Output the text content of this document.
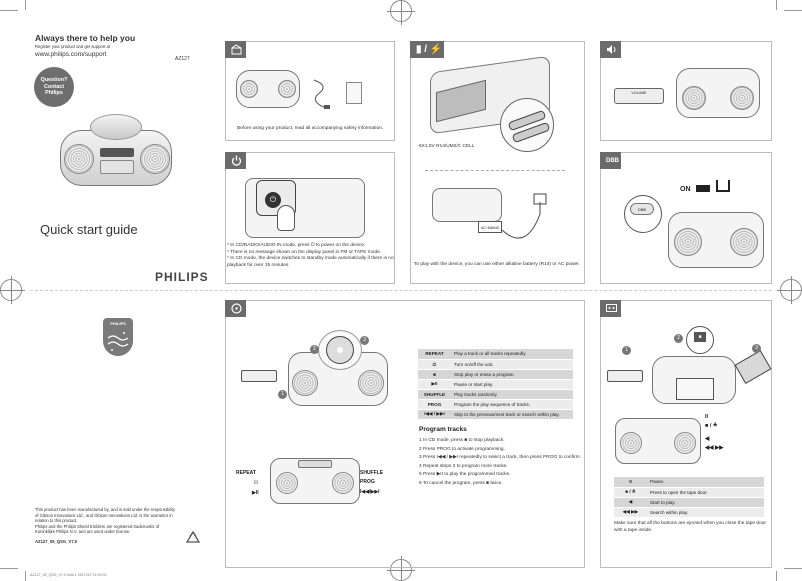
Always there to help you
Register your product and get support at
www.philips.com/support
AZ127
Question?
Contact
Philips
Quick start guide
PHILIPS
PHILIPS
This product has been manufactured by, and is sold under the responsibility
of Gibson Innovations Ltd., and Gibson Innovations Ltd. is the warrantor in
relation to this product.
Philips and the Philips Shield Emblem are registered trademarks of
Koninklijke Philips N.V. and are used under license.
AZ127_05_QSG_V7.0
AZ127_05_QSG_V7.0.indd 1 2017/4/7 11:09:39
Before using your product, read all accompanying safety information.
⏻
* In CD/RADIO/AUDIO IN mode, press ⏻ to power on the device.
* There is no message shown on the display panel in FM or TAPE mode.
* In CD mode, the device switches to standby mode automatically if there is no
playback for over 15 minutes.
▮ / ⚡
6X1.5V R14/UM2/C CELL
AC~MAINS
To play with the device, you can use either alkaline battery (R14) or AC power.
VOLUME
DBB
ON
DBB
1
2
3
REPEAT
⏻
▶II
SHUFFLE
PROG
I◀◀/▶▶I
REPEAT	Play a track or all tracks repeatedly.
⏻	Turn on/off the unit.
■	Stop play or erase a program.
▶II	Pause or start play.
SHUFFLE	Play tracks randomly.
PROG	Program the play sequence of tracks.
I◀◀ / ▶▶I	Skip to the previous/next track or search within play.
Program tracks
1 In CD mode, press ■ to stop playback.
2 Press PROG to activate programming.
3 Press I◀◀ / ▶▶I repeatedly to select a track, then press PROG to confirm.
4 Repeat steps 3 to program more tracks.
5 Press ▶II to play the programmed tracks.
6 To cancel the program, press ■ twice.
■
1
2
3
II
■ / ≜
◀
◀◀ ▶▶
II	Pause.
■ / ≜	Press to open the tape door.
◀	Start to play.
◀◀ ▶▶	Search within play.
Make sure that all the buttons are ejected when you close the tape door with a tape inside.
